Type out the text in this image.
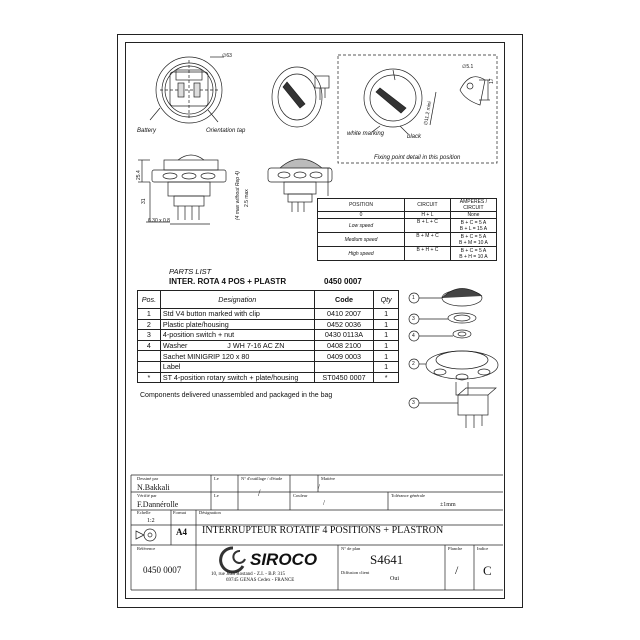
∅63
Battery	Orientation tap	white marking	black
Fixing point detail in this position
∅5.1
17
∅11.2 mini
25.4
31	2.5 max
(4 max without Rep 4)
6.30 x 0.8
POSITION	CIRCUIT	AMPERES / CIRCUIT
0	H + L	None
Low speed	B + L + C	B + C = 5 A
B + L = 15 A
Medium speed	B + M + C	B + C = 5 A
B + M = 10 A
High speed	B + H + C	B + C = 5 A
B + H = 10 A
PARTS LIST
INTER. ROTA 4 POS + PLASTR	0450 0007
Pos.	Designation	Code	Qty
1	Std V4 button marked with clip	0410 2007	1
2	Plastic plate/housing	0452 0036	1
3	4-position switch + nut	0430 0113A	1
4	Washer                    J WH 7-16 AC ZN	0408 2100	1
	Sachet MINIGRIP 120 x 80	0409 0003	1
	Label		1
*	ST 4-position rotary switch + plate/housing	ST0450 0007	*
Components delivered unassembled and packaged in the bag
1
3
4
2
3
Dessiné par
N.Bakkali
Vérifié par
F.Dannérolle
Le
Le
N° d'outillage / d'étude
/
Matière
/
Couleur
/
Tolérance générale
±1mm
Echelle
1:2
Format
A4
Désignation
INTERRUPTEUR ROTATIF 4 POSITIONS + PLASTRON
Référence
0450 0007
SIROCO
10, rue Jean Rostand - Z.I. - B.P. 315
69745 GENAS Cedex - FRANCE
N° de plan
S4641
Diffusion client
Oui
Planche
/
Indice
C
